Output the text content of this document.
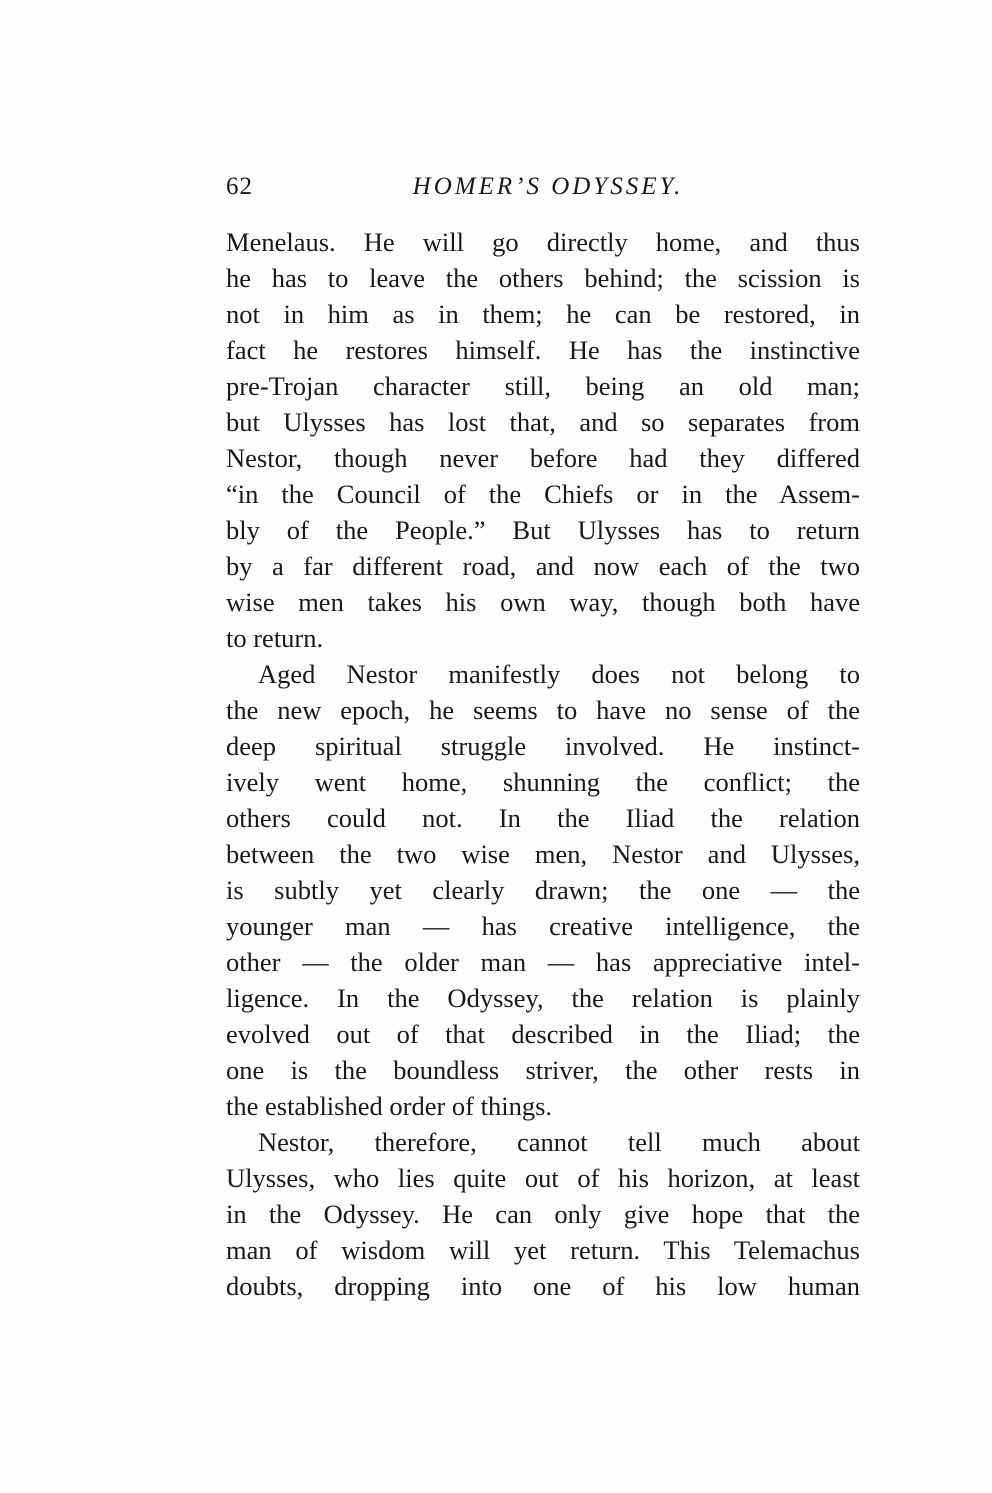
62	HOMER’S ODYSSEY.
Menelaus. He will go directly home, and thus
he has to leave the others behind; the scission is
not in him as in them; he can be restored, in
fact he restores himself. He has the instinctive
pre-Trojan character still, being an old man;
but Ulysses has lost that, and so separates from
Nestor, though never before had they differed
“in the Council of the Chiefs or in the Assem-
bly of the People.” But Ulysses has to return
by a far different road, and now each of the two
wise men takes his own way, though both have
to return.
Aged Nestor manifestly does not belong to
the new epoch, he seems to have no sense of the
deep spiritual struggle involved. He instinct-
ively went home, shunning the conflict; the
others could not. In the Iliad the relation
between the two wise men, Nestor and Ulysses,
is subtly yet clearly drawn; the one — the
younger man — has creative intelligence, the
other — the older man — has appreciative intel-
ligence. In the Odyssey, the relation is plainly
evolved out of that described in the Iliad; the
one is the boundless striver, the other rests in
the established order of things.
Nestor, therefore, cannot tell much about
Ulysses, who lies quite out of his horizon, at least
in the Odyssey. He can only give hope that the
man of wisdom will yet return. This Telemachus
doubts, dropping into one of his low human
